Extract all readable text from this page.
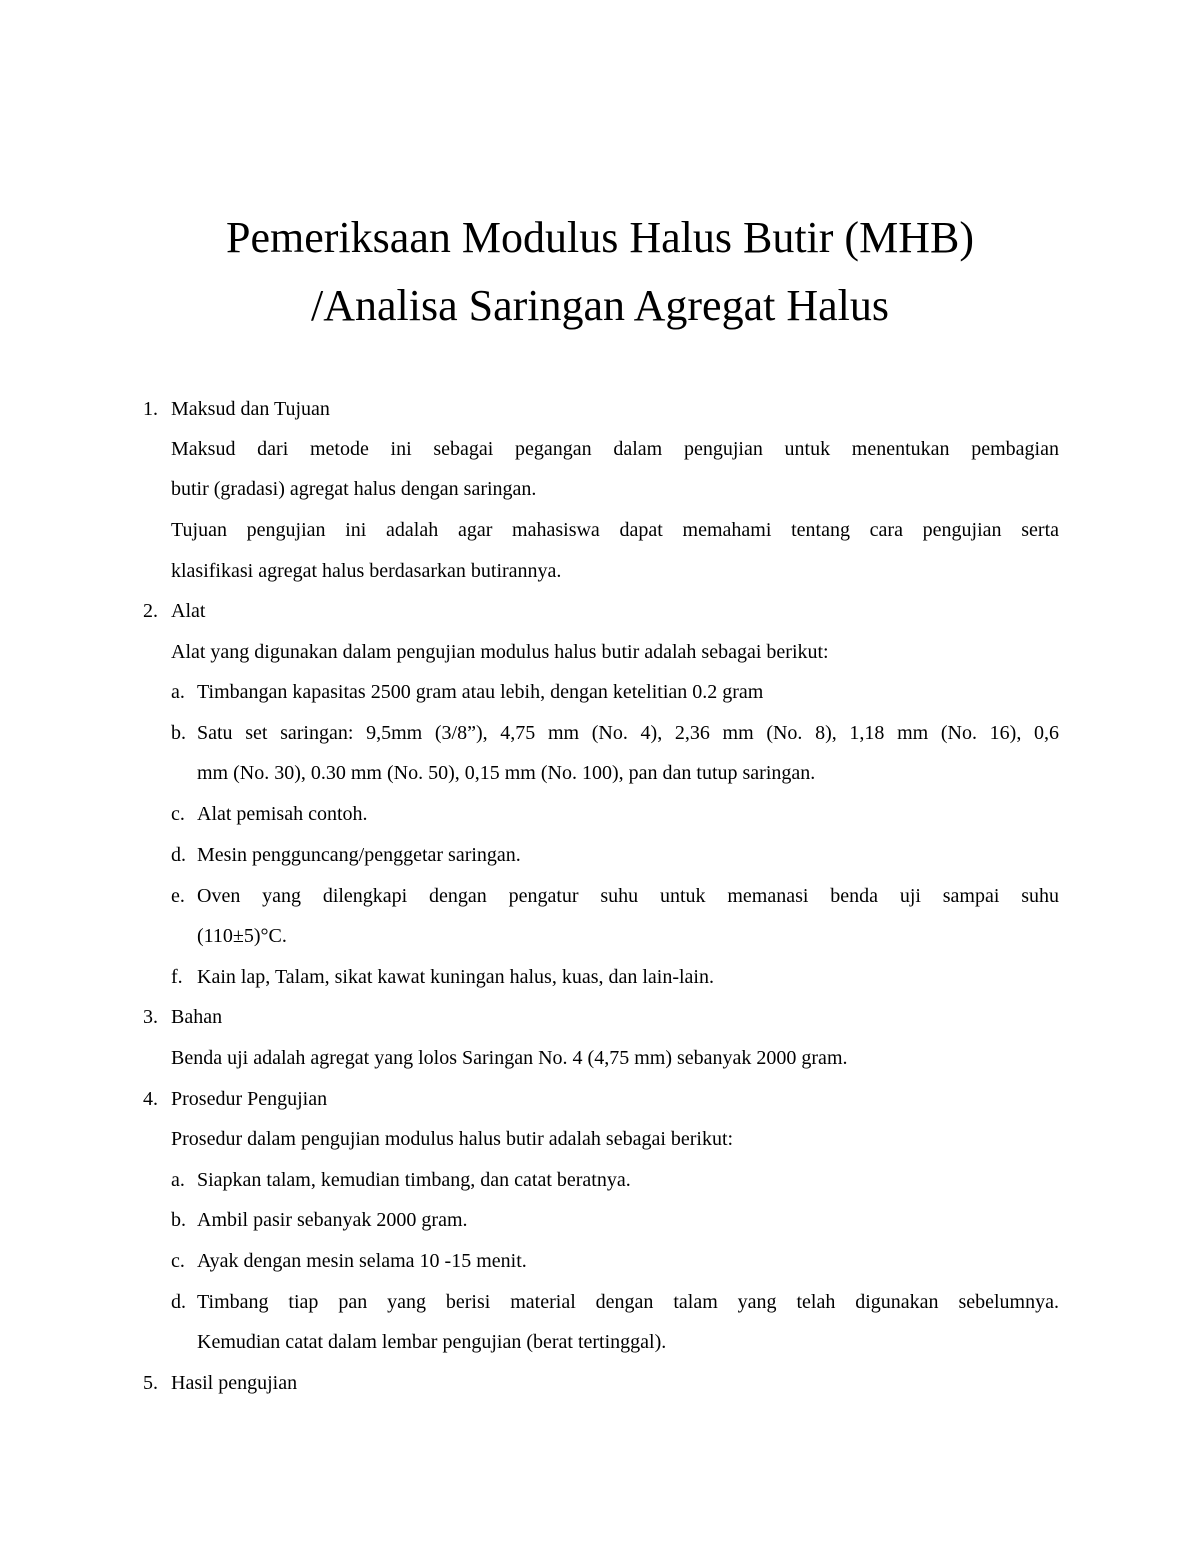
Pemeriksaan Modulus Halus Butir (MHB)
/Analisa Saringan Agregat Halus
1. Maksud dan Tujuan
Maksud dari metode ini sebagai pegangan dalam pengujian untuk menentukan pembagian
butir (gradasi) agregat halus dengan saringan.
Tujuan pengujian ini adalah agar mahasiswa dapat memahami tentang cara pengujian serta
klasifikasi agregat halus berdasarkan butirannya.
2. Alat
Alat yang digunakan dalam pengujian modulus halus butir adalah sebagai berikut:
a. Timbangan kapasitas 2500 gram atau lebih, dengan ketelitian 0.2 gram
b. Satu set saringan: 9,5mm (3/8”), 4,75 mm (No. 4), 2,36 mm (No. 8), 1,18 mm (No. 16), 0,6
mm (No. 30), 0.30 mm (No. 50), 0,15 mm (No. 100), pan dan tutup saringan.
c. Alat pemisah contoh.
d. Mesin pengguncang/penggetar saringan.
e. Oven yang dilengkapi dengan pengatur suhu untuk memanasi benda uji sampai suhu
(110±5)°C.
f. Kain lap, Talam, sikat kawat kuningan halus, kuas, dan lain-lain.
3. Bahan
Benda uji adalah agregat yang lolos Saringan No. 4 (4,75 mm) sebanyak 2000 gram.
4. Prosedur Pengujian
Prosedur dalam pengujian modulus halus butir adalah sebagai berikut:
a. Siapkan talam, kemudian timbang, dan catat beratnya.
b. Ambil pasir sebanyak 2000 gram.
c. Ayak dengan mesin selama 10 -15 menit.
d. Timbang tiap pan yang berisi material dengan talam yang telah digunakan sebelumnya.
Kemudian catat dalam lembar pengujian (berat tertinggal).
5. Hasil pengujian
